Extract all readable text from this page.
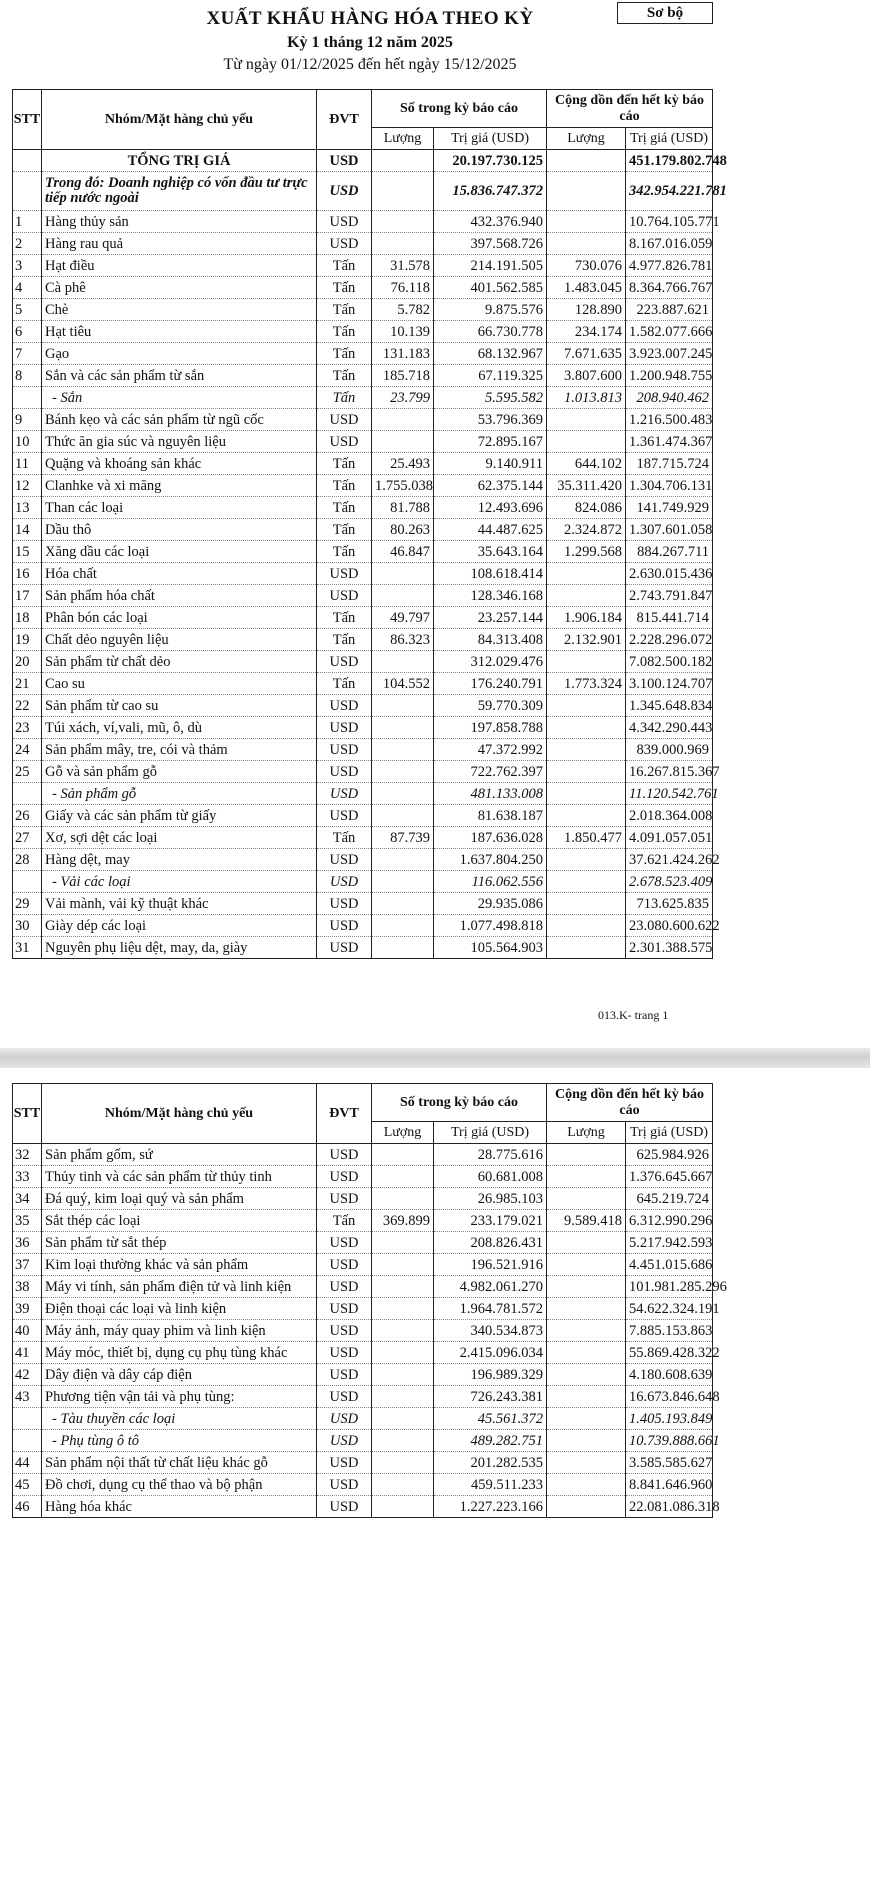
Sơ bộ
XUẤT KHẨU HÀNG HÓA THEO KỲ
Kỳ 1 tháng 12 năm 2025
Từ ngày 01/12/2025 đến hết ngày 15/12/2025
STT	Nhóm/Mặt hàng chủ yếu	ĐVT	Số trong kỳ báo cáo		Cộng dồn đến hết kỳ báo cáo	
			Lượng	Trị giá (USD)	Lượng	Trị giá (USD)
	TỔNG TRỊ GIÁ	USD		20.197.730.125		451.179.802.748
	Trong đó: Doanh nghiệp có vốn đầu tư trực tiếp nước ngoài	USD		15.836.747.372		342.954.221.781
1	Hàng thủy sản	USD		432.376.940		10.764.105.771
2	Hàng rau quả	USD		397.568.726		8.167.016.059
3	Hạt điều	Tấn	31.578	214.191.505	730.076	4.977.826.781
4	Cà phê	Tấn	76.118	401.562.585	1.483.045	8.364.766.767
5	Chè	Tấn	5.782	9.875.576	128.890	223.887.621
6	Hạt tiêu	Tấn	10.139	66.730.778	234.174	1.582.077.666
7	Gạo	Tấn	131.183	68.132.967	7.671.635	3.923.007.245
8	Sắn và các sản phẩm từ sắn	Tấn	185.718	67.119.325	3.807.600	1.200.948.755
	- Sắn	Tấn	23.799	5.595.582	1.013.813	208.940.462
9	Bánh kẹo và các sản phẩm từ ngũ cốc	USD		53.796.369		1.216.500.483
10	Thức ăn gia súc và nguyên liệu	USD		72.895.167		1.361.474.367
11	Quặng và khoáng sản khác	Tấn	25.493	9.140.911	644.102	187.715.724
12	Clanhke và xi măng	Tấn	1.755.038	62.375.144	35.311.420	1.304.706.131
13	Than các loại	Tấn	81.788	12.493.696	824.086	141.749.929
14	Dầu thô	Tấn	80.263	44.487.625	2.324.872	1.307.601.058
15	Xăng dầu các loại	Tấn	46.847	35.643.164	1.299.568	884.267.711
16	Hóa chất	USD		108.618.414		2.630.015.436
17	Sản phẩm hóa chất	USD		128.346.168		2.743.791.847
18	Phân bón các loại	Tấn	49.797	23.257.144	1.906.184	815.441.714
19	Chất dẻo nguyên liệu	Tấn	86.323	84.313.408	2.132.901	2.228.296.072
20	Sản phẩm từ chất dẻo	USD		312.029.476		7.082.500.182
21	Cao su	Tấn	104.552	176.240.791	1.773.324	3.100.124.707
22	Sản phẩm từ cao su	USD		59.770.309		1.345.648.834
23	Túi xách, ví,vali, mũ, ô, dù	USD		197.858.788		4.342.290.443
24	Sản phẩm mây, tre, cói và thảm	USD		47.372.992		839.000.969
25	Gỗ và sản phẩm gỗ	USD		722.762.397		16.267.815.367
	- Sản phẩm gỗ	USD		481.133.008		11.120.542.761
26	Giấy và các sản phẩm từ giấy	USD		81.638.187		2.018.364.008
27	Xơ, sợi dệt các loại	Tấn	87.739	187.636.028	1.850.477	4.091.057.051
28	Hàng dệt, may	USD		1.637.804.250		37.621.424.262
	- Vải các loại	USD		116.062.556		2.678.523.409
29	Vải mành, vải kỹ thuật khác	USD		29.935.086		713.625.835
30	Giày dép các loại	USD		1.077.498.818		23.080.600.622
31	Nguyên phụ liệu dệt, may, da, giày	USD		105.564.903		2.301.388.575
013.K- trang 1
STT	Nhóm/Mặt hàng chủ yếu	ĐVT	Số trong kỳ báo cáo		Cộng dồn đến hết kỳ báo cáo	
			Lượng	Trị giá (USD)	Lượng	Trị giá (USD)
32	Sản phẩm gốm, sứ	USD		28.775.616		625.984.926
33	Thủy tinh và các sản phẩm từ thủy tinh	USD		60.681.008		1.376.645.667
34	Đá quý, kim loại quý và sản phẩm	USD		26.985.103		645.219.724
35	Sắt thép các loại	Tấn	369.899	233.179.021	9.589.418	6.312.990.296
36	Sản phẩm từ sắt thép	USD		208.826.431		5.217.942.593
37	Kim loại thường khác và sản phẩm	USD		196.521.916		4.451.015.686
38	Máy vi tính, sản phẩm điện tử và linh kiện	USD		4.982.061.270		101.981.285.296
39	Điện thoại các loại và linh kiện	USD		1.964.781.572		54.622.324.191
40	Máy ảnh, máy quay phim và linh kiện	USD		340.534.873		7.885.153.863
41	Máy móc, thiết bị, dụng cụ phụ tùng khác	USD		2.415.096.034		55.869.428.322
42	Dây điện và dây cáp điện	USD		196.989.329		4.180.608.639
43	Phương tiện vận tải và phụ tùng:	USD		726.243.381		16.673.846.648
	- Tàu thuyền các loại	USD		45.561.372		1.405.193.849
	- Phụ tùng ô tô	USD		489.282.751		10.739.888.661
44	Sản phẩm nội thất từ chất liệu khác gỗ	USD		201.282.535		3.585.585.627
45	Đồ chơi, dụng cụ thể thao và bộ phận	USD		459.511.233		8.841.646.960
46	Hàng hóa khác	USD		1.227.223.166		22.081.086.318
